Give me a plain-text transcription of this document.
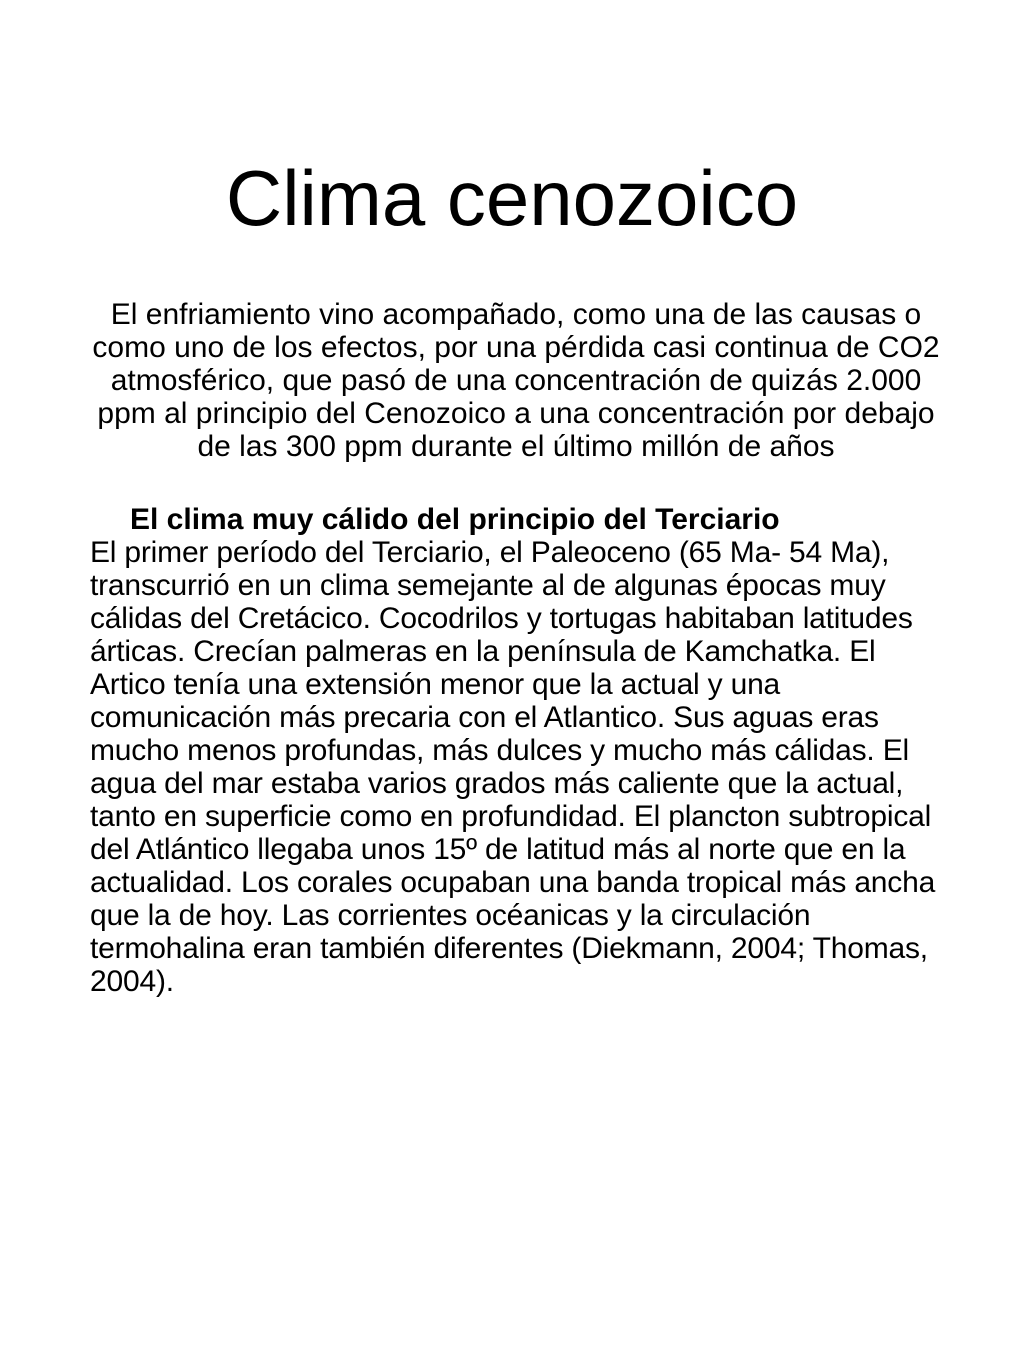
Clima cenozoico

El enfriamiento vino acompañado, como una de las causas o como uno de los efectos, por una pérdida casi continua de CO2 atmosférico, que pasó de una concentración de quizás 2.000 ppm al principio del Cenozoico a una concentración por debajo de las 300 ppm durante el último millón de años

El clima muy cálido del principio del Terciario
El primer período del Terciario, el Paleoceno (65 Ma- 54 Ma), transcurrió en un clima semejante al de algunas épocas muy cálidas del Cretácico. Cocodrilos y tortugas habitaban latitudes árticas. Crecían palmeras en la península de Kamchatka. El Artico tenía una extensión menor que la actual y una comunicación más precaria con el Atlantico. Sus aguas eras mucho menos profundas, más dulces y mucho más cálidas. El agua del mar estaba varios grados más caliente que la actual, tanto en superficie como en profundidad. El plancton subtropical del Atlántico llegaba unos 15º de latitud más al norte que en la actualidad. Los corales ocupaban una banda tropical más ancha que la de hoy. Las corrientes océanicas y la circulación termohalina eran también diferentes (Diekmann, 2004; Thomas, 2004).
